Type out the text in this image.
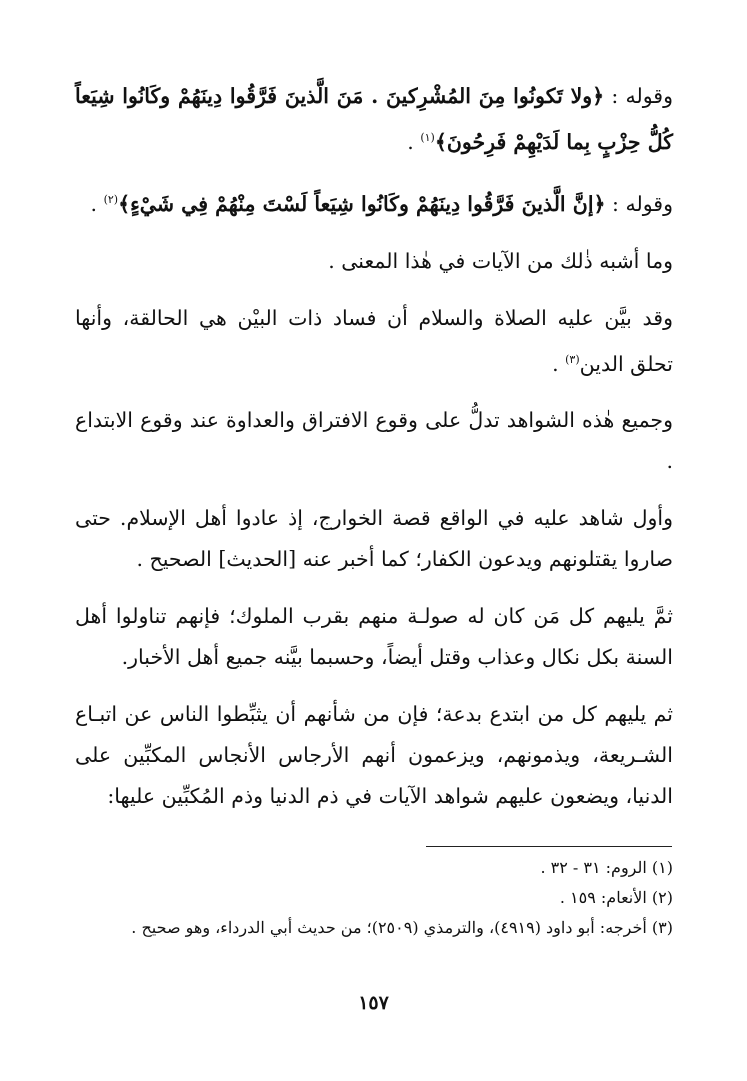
وقوله : ﴿ولا تَكونُوا مِنَ المُشْرِكينَ . مَنَ الَّذينَ فَرَّقُوا دِينَهُمْ وكَانُوا شِيَعاً كُلُّ حِزْبٍ بِما لَدَيْهِمْ فَرِحُونَ﴾$^{(١)}$ .

وقوله : ﴿إنَّ الَّذينَ فَرَّقُوا دِينَهُمْ وكَانُوا شِيَعاً لَسْتَ مِنْهُمْ فِي شَيْءٍ﴾$^{(٢)}$ .

وما أشبه ذٰلك من الآيات في هٰذا المعنى .

وقد بيَّن عليه الصلاة والسلام أن فساد ذات البيْن هي الحالقة، وأنها تحلق الدين$^{(٣)}$ .

وجميع هٰذه الشواهد تدلُّ على وقوع الافتراق والعداوة عند وقوع الابتداع .

وأول شاهد عليه في الواقع قصة الخوارج، إذ عادوا أهل الإسلام. حتى صاروا يقتلونهم ويدعون الكفار؛ كما أخبر عنه [الحديث] الصحيح .

ثمَّ يليهم كل مَن كان له صولـة منهم بقرب الملوك؛ فإنهم تناولوا أهل السنة بكل نكال وعذاب وقتل أيضاً، وحسبما بيَّنه جميع أهل الأخبار.

ثم يليهم كل من ابتدع بدعة؛ فإن من شأنهم أن يثبِّطوا الناس عن اتبـاع الشـريعة، ويذمونهم، ويزعمون أنهم الأرجاس الأنجاس المكبِّين على الدنيا، ويضعون عليهم شواهد الآيات في ذم الدنيا وذم المُكبِّين عليها:

(١) الروم: ٣١ - ٣٢ .

(٢) الأنعام: ١٥٩ .

(٣) أخرجه: أبو داود (٤٩١٩)، والترمذي (٢٥٠٩)؛ من حديث أبي الدرداء، وهو صحيح .

١٥٧
